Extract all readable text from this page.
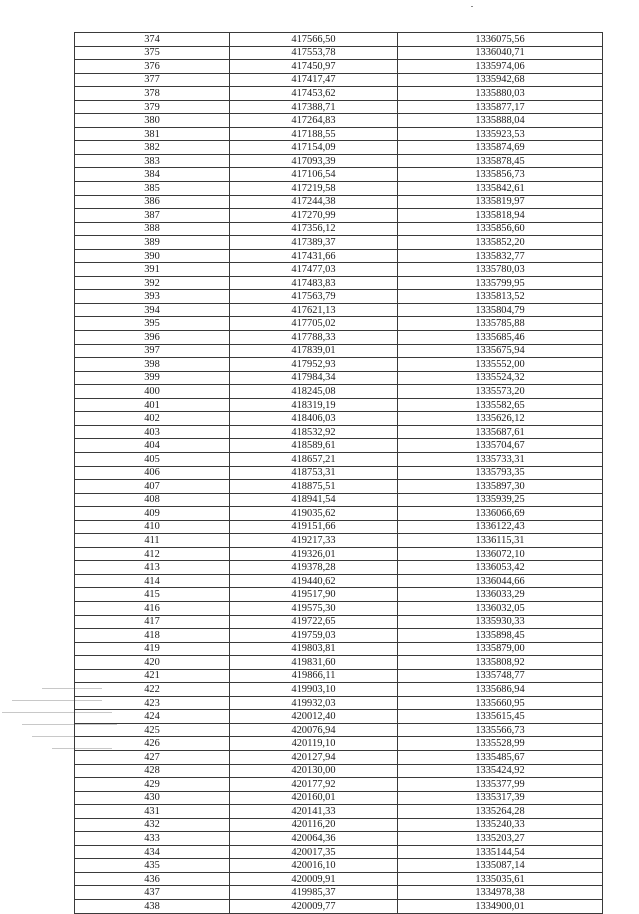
374	417566,50	1336075,56
375	417553,78	1336040,71
376	417450,97	1335974,06
377	417417,47	1335942,68
378	417453,62	1335880,03
379	417388,71	1335877,17
380	417264,83	1335888,04
381	417188,55	1335923,53
382	417154,09	1335874,69
383	417093,39	1335878,45
384	417106,54	1335856,73
385	417219,58	1335842,61
386	417244,38	1335819,97
387	417270,99	1335818,94
388	417356,12	1335856,60
389	417389,37	1335852,20
390	417431,66	1335832,77
391	417477,03	1335780,03
392	417483,83	1335799,95
393	417563,79	1335813,52
394	417621,13	1335804,79
395	417705,02	1335785,88
396	417788,33	1335685,46
397	417839,01	1335675,94
398	417952,93	1335552,00
399	417984,34	1335524,32
400	418245,08	1335573,20
401	418319,19	1335582,65
402	418406,03	1335626,12
403	418532,92	1335687,61
404	418589,61	1335704,67
405	418657,21	1335733,31
406	418753,31	1335793,35
407	418875,51	1335897,30
408	418941,54	1335939,25
409	419035,62	1336066,69
410	419151,66	1336122,43
411	419217,33	1336115,31
412	419326,01	1336072,10
413	419378,28	1336053,42
414	419440,62	1336044,66
415	419517,90	1336033,29
416	419575,30	1336032,05
417	419722,65	1335930,33
418	419759,03	1335898,45
419	419803,81	1335879,00
420	419831,60	1335808,92
421	419866,11	1335748,77
422	419903,10	1335686,94
423	419932,03	1335660,95
424	420012,40	1335615,45
425	420076,94	1335566,73
426	420119,10	1335528,99
427	420127,94	1335485,67
428	420130,00	1335424,92
429	420177,92	1335377,99
430	420160,01	1335317,39
431	420141,33	1335264,28
432	420116,20	1335240,33
433	420064,36	1335203,27
434	420017,35	1335144,54
435	420016,10	1335087,14
436	420009,91	1335035,61
437	419985,37	1334978,38
438	420009,77	1334900,01
